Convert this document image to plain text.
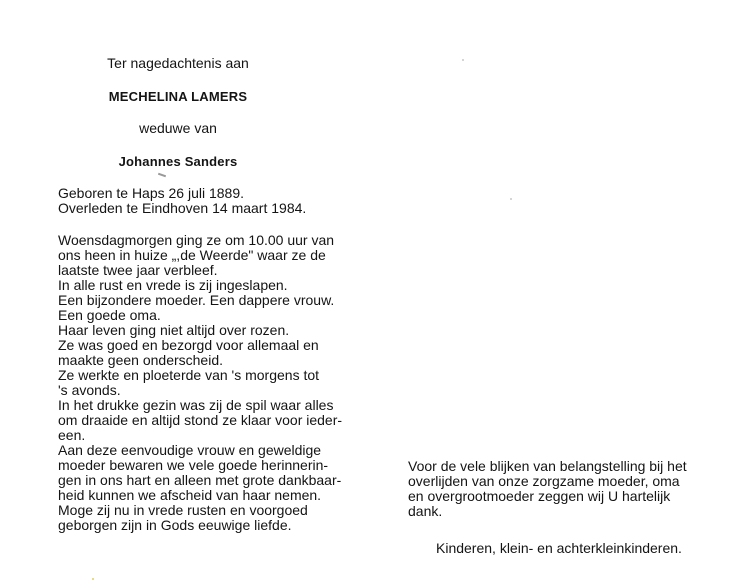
Ter nagedachtenis aan
MECHELINA LAMERS
weduwe van
Johannes Sanders
Geboren te Haps 26 juli 1889.
Overleden te Eindhoven 14 maart 1984.
Woensdagmorgen ging ze om 10.00 uur van
ons heen in huize „,de Weerde" waar ze de
laatste twee jaar verbleef.
In alle rust en vrede is zij ingeslapen.
Een bijzondere moeder. Een dappere vrouw.
Een goede oma.
Haar leven ging niet altijd over rozen.
Ze was goed en bezorgd voor allemaal en
maakte geen onderscheid.
Ze werkte en ploeterde van 's morgens tot
's avonds.
In het drukke gezin was zij de spil waar alles
om draaide en altijd stond ze klaar voor ieder-
een.
Aan deze eenvoudige vrouw en geweldige
moeder bewaren we vele goede herinnerin-
gen in ons hart en alleen met grote dankbaar-
heid kunnen we afscheid van haar nemen.
Moge zij nu in vrede rusten en voorgoed
geborgen zijn in Gods eeuwige liefde.
Voor de vele blijken van belangstelling bij het
overlijden van onze zorgzame moeder, oma
en overgrootmoeder zeggen wij U hartelijk
dank.
Kinderen, klein- en achterkleinkinderen.
